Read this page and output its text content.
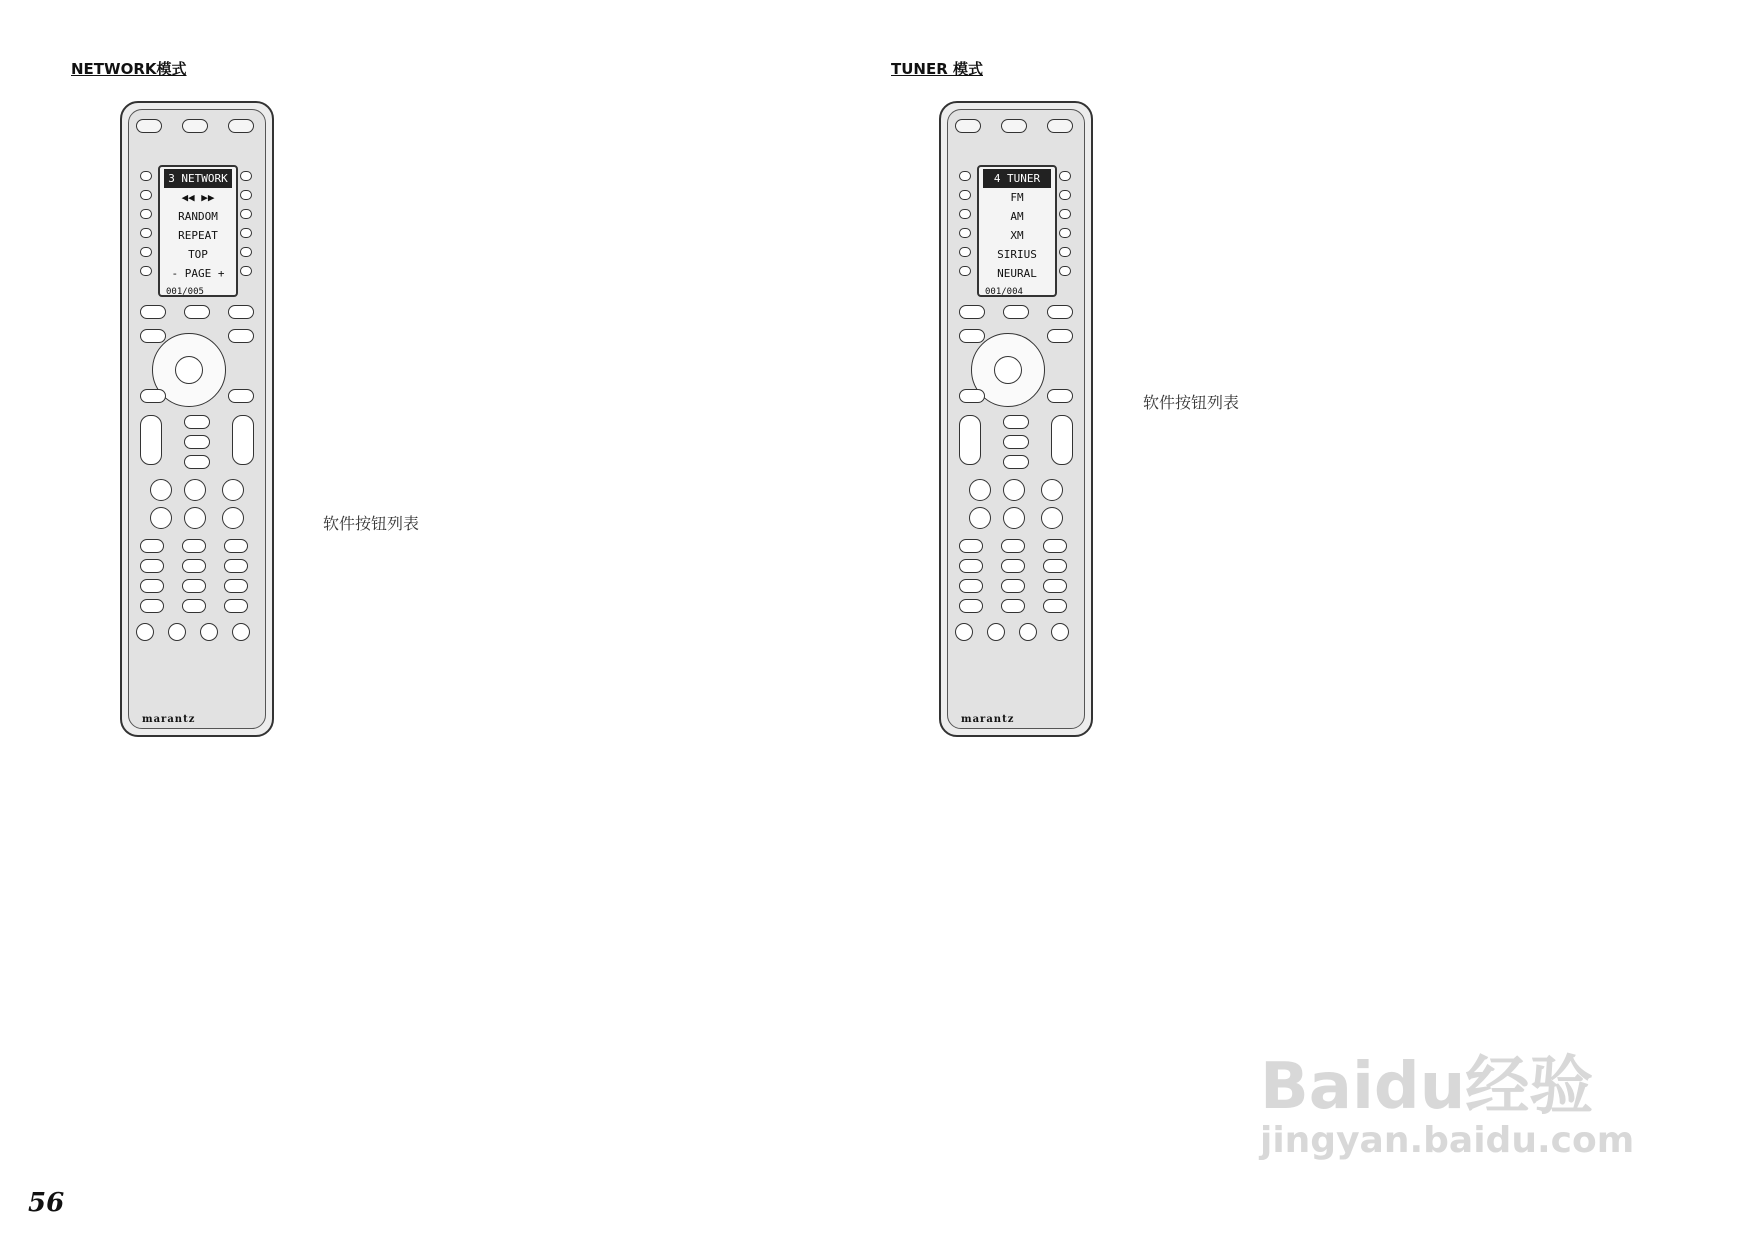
56
NETWORK模式
3 NETWORK
◀◀ ▶▶
RANDOM
REPEAT
TOP
- PAGE +
001/005
marantz
软件按钮列表
TUNER 模式
4 TUNER
FM
AM
XM
SIRIUS
NEURAL
001/004
marantz
软件按钮列表
Baidu经验
jingyan.baidu.com
